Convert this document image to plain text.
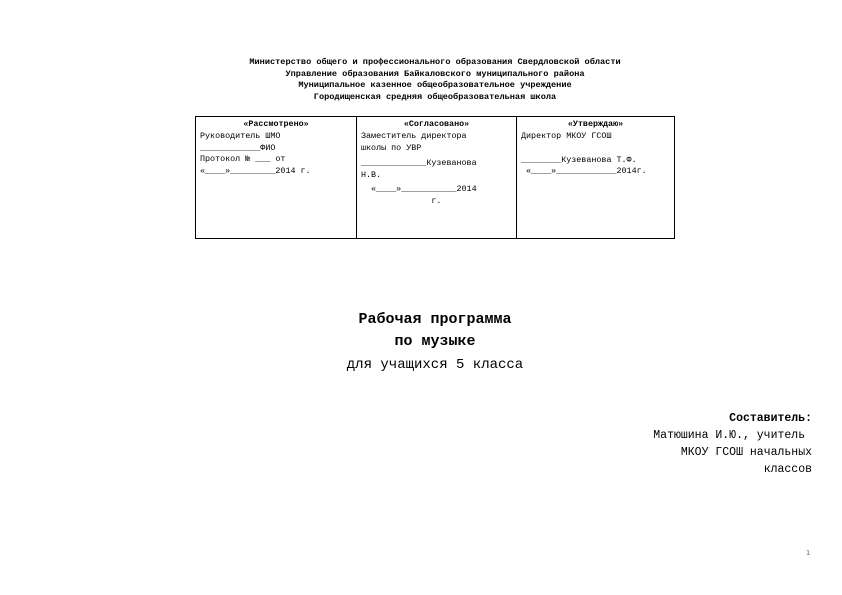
Министерство общего и профессионального образования Свердловской области
Управление образования Байкаловского муниципального района
Муниципальное казенное общеобразовательное учреждение
Городищенская средняя общеобразовательная школа
«Рассмотрено»
Руководитель ШМО
____________ФИО
Протокол № ___ от
«____»_________2014 г.
«Согласовано»
Заместитель директора
школы по УВР
_____________Кузеванова
Н.В.
«____»___________2014
г.
«Утверждаю»
Директор МКОУ ГСОШ
________Кузеванова Т.Ф.
«____»____________2014г.
Рабочая программа
по музыке
для учащихся 5 класса
Составитель:
Матюшина И.Ю., учитель
МКОУ ГСОШ начальных
классов
1
